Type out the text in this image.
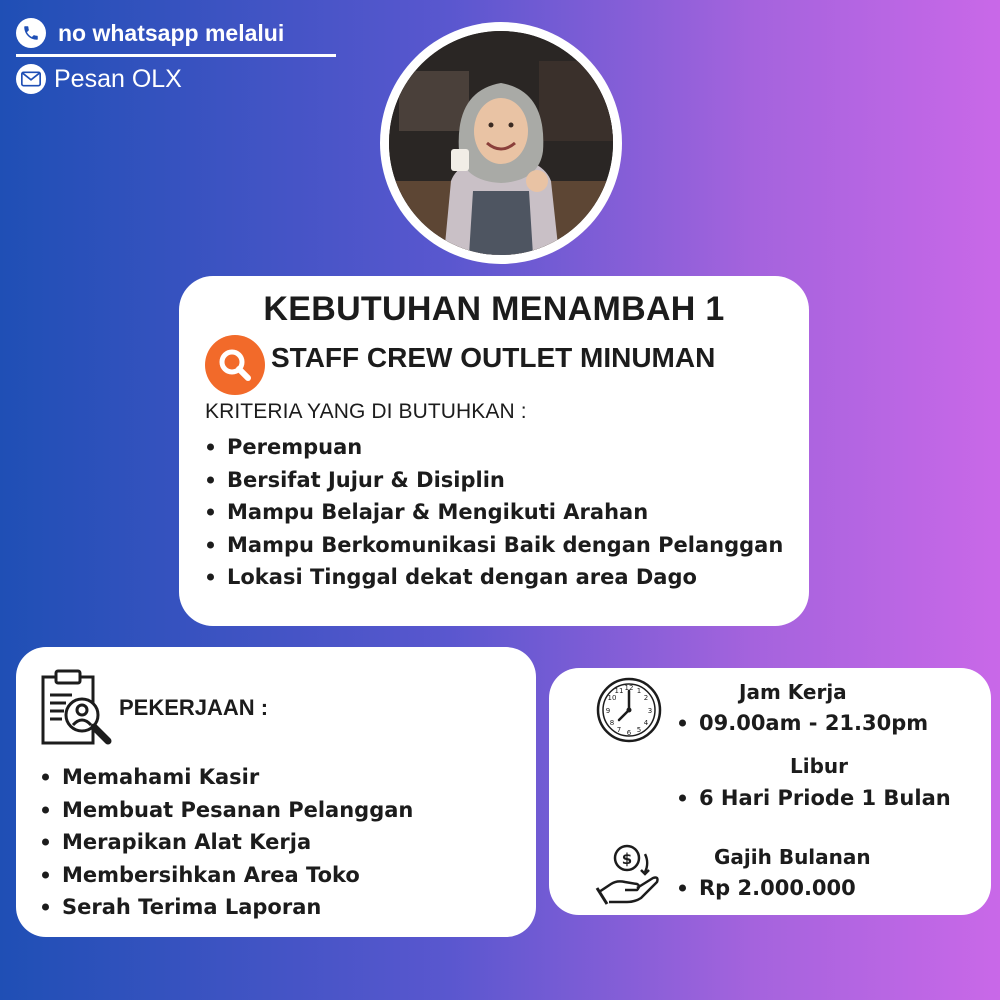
no whatsapp melalui
Pesan OLX
KEBUTUHAN MENAMBAH 1
STAFF CREW OUTLET MINUMAN
KRITERIA YANG DI BUTUHKAN :
Perempuan
Bersifat Jujur & Disiplin
Mampu Belajar & Mengikuti Arahan
Mampu Berkomunikasi Baik dengan Pelanggan
Lokasi Tinggal dekat dengan area Dago
PEKERJAAN :
Memahami Kasir
Membuat Pesanan Pelanggan
Merapikan Alat Kerja
Membersihkan Area Toko
Serah Terima Laporan
12 1
2
3
4
5
6
7
8
9
10
11	Jam Kerja
09.00am - 21.30pm
Libur
6 Hari Priode 1 Bulan
$	Gajih Bulanan
Rp 2.000.000
